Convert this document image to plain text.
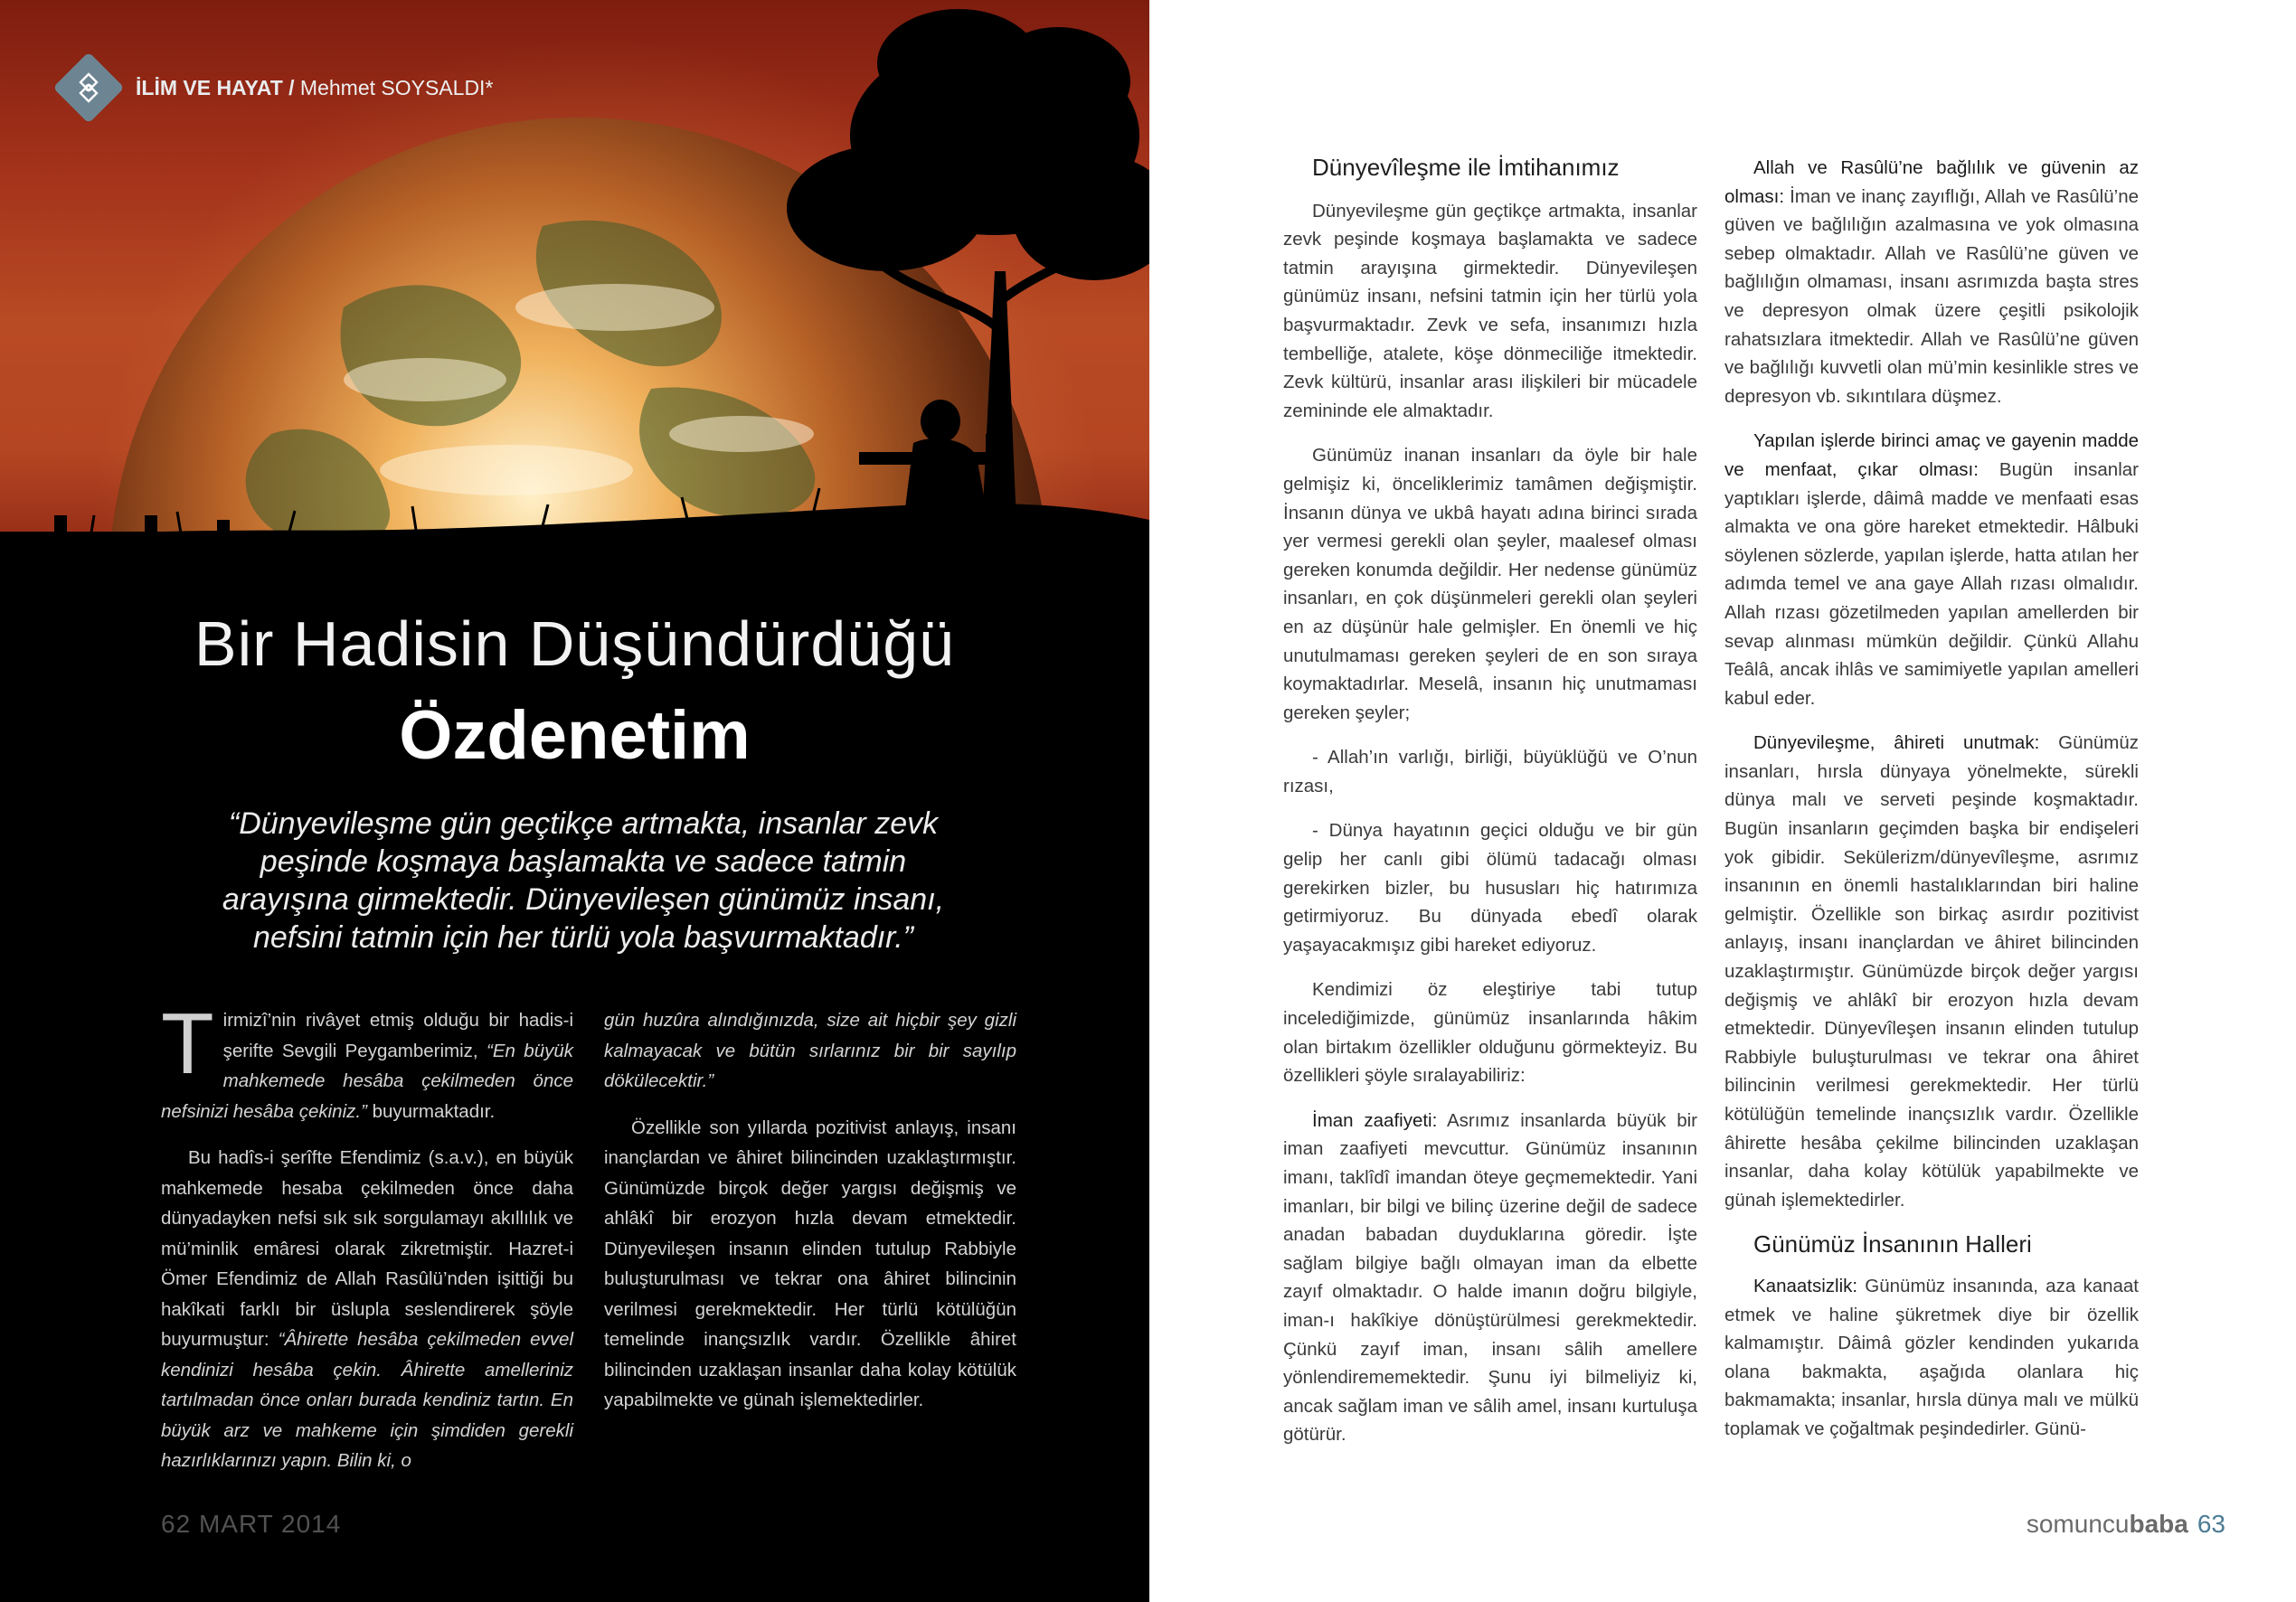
İLİM VE HAYAT / Mehmet SOYSALDI*
Bir Hadisin Düşündürdüğü
Özdenetim
“Dünyevileşme gün geçtikçe artmakta, insanlar zevk peşinde koşmaya başlamakta ve sadece tatmin arayışına girmektedir. Dünyevileşen günümüz insanı, nefsini tatmin için her türlü yola başvurmaktadır.”

Tirmizî’nin rivâyet etmiş olduğu bir hadis-i şerifte Sevgili Peygamberimiz, “En büyük mahkemede hesâba çekilmeden önce nefsinizi hesâba çekiniz.” buyurmaktadır.

Bu hadîs-i şerîfte Efendimiz (s.a.v.), en büyük mahkemede hesaba çekilmeden önce daha dünyadayken nefsi sık sık sorgulamayı akıllılık ve mü’minlik emâresi olarak zikretmiştir. Hazret-i Ömer Efendimiz de Allah Rasûlü’nden işittiği bu hakîkati farklı bir üslupla seslendirerek şöyle buyurmuştur: “Âhirette hesâba çekilmeden evvel kendinizi hesâba çekin. Âhirette amelleriniz tartılmadan önce onları burada kendiniz tartın. En büyük arz ve mahkeme için şimdiden gerekli hazırlıklarınızı yapın. Bilin ki, o

gün huzûra alındığınızda, size ait hiçbir şey gizli kalmayacak ve bütün sırlarınız bir bir sayılıp dökülecektir.”

Özellikle son yıllarda pozitivist anlayış, insanı inançlardan ve âhiret bilincinden uzaklaştırmıştır. Günümüzde birçok değer yargısı değişmiş ve ahlâkî bir erozyon hızla devam etmektedir. Dünyevileşen insanın elinden tutulup Rabbiyle buluşturulması ve tekrar ona âhiret bilincinin verilmesi gerekmektedir. Her türlü kötülüğün temelinde inançsızlık vardır. Özellikle âhiret bilincinden uzaklaşan insanlar daha kolay kötülük yapabilmekte ve günah işlemektedirler.

62 MART 2014

Dünyevîleşme ile İmtihanımız

Dünyevileşme gün geçtikçe artmakta, insanlar zevk peşinde koşmaya başlamakta ve sadece tatmin arayışına girmektedir. Dünyevileşen günümüz insanı, nefsini tatmin için her türlü yola başvurmaktadır. Zevk ve sefa, insanımızı hızla tembelliğe, atalete, köşe dönmeciliğe itmektedir. Zevk kültürü, insanlar arası ilişkileri bir mücadele zemininde ele almaktadır.

Günümüz inanan insanları da öyle bir hale gelmişiz ki, önceliklerimiz tamâmen değişmiştir. İnsanın dünya ve ukbâ hayatı adına birinci sırada yer vermesi gerekli olan şeyler, maalesef olması gereken konumda değildir. Her nedense günümüz insanları, en çok düşünmeleri gerekli olan şeyleri en az düşünür hale gelmişler. En önemli ve hiç unutulmaması gereken şeyleri de en son sıraya koymaktadırlar. Meselâ, insanın hiç unutmaması gereken şeyler;

- Allah’ın varlığı, birliği, büyüklüğü ve O’nun rızası,

- Dünya hayatının geçici olduğu ve bir gün gelip her canlı gibi ölümü tadacağı olması gerekirken bizler, bu hususları hiç hatırımıza getirmiyoruz. Bu dünyada ebedî olarak yaşayacakmışız gibi hareket ediyoruz.

Kendimizi öz eleştiriye tabi tutup incelediğimizde, günümüz insanlarında hâkim olan birtakım özellikler olduğunu görmekteyiz. Bu özellikleri şöyle sıralayabiliriz:

İman zaafiyeti: Asrımız insanlarda büyük bir iman zaafiyeti mevcuttur. Günümüz insanının imanı, taklîdî imandan öteye geçmemektedir. Yani imanları, bir bilgi ve bilinç üzerine değil de sadece anadan babadan duyduklarına göredir. İşte sağlam bilgiye bağlı olmayan iman da elbette zayıf olmaktadır. O halde imanın doğru bilgiyle, iman-ı hakîkiye dönüştürülmesi gerekmektedir. Çünkü zayıf iman, insanı sâlih amellere yönlendirememektedir. Şunu iyi bilmeliyiz ki, ancak sağlam iman ve sâlih amel, insanı kurtuluşa götürür.

Allah ve Rasûlü’ne bağlılık ve güvenin az olması: İman ve inanç zayıflığı, Allah ve Rasûlü’ne güven ve bağlılığın azalmasına ve yok olmasına sebep olmaktadır. Allah ve Rasûlü’ne güven ve bağlılığın olmaması, insanı asrımızda başta stres ve depresyon olmak üzere çeşitli psikolojik rahatsızlara itmektedir. Allah ve Rasûlü’ne güven ve bağlılığı kuvvetli olan mü’min kesinlikle stres ve depresyon vb. sıkıntılara düşmez.

Yapılan işlerde birinci amaç ve gayenin madde ve menfaat, çıkar olması: Bugün insanlar yaptıkları işlerde, dâimâ madde ve menfaati esas almakta ve ona göre hareket etmektedir. Hâlbuki söylenen sözlerde, yapılan işlerde, hatta atılan her adımda temel ve ana gaye Allah rızası olmalıdır. Allah rızası gözetilmeden yapılan amellerden bir sevap alınması mümkün değildir. Çünkü Allahu Teâlâ, ancak ihlâs ve samimiyetle yapılan amelleri kabul eder.

Dünyevileşme, âhireti unutmak: Günümüz insanları, hırsla dünyaya yönelmekte, sürekli dünya malı ve serveti peşinde koşmaktadır. Bugün insanların geçimden başka bir endişeleri yok gibidir. Sekülerizm/dünyevîleşme, asrımız insanının en önemli hastalıklarından biri haline gelmiştir. Özellikle son birkaç asırdır pozitivist anlayış, insanı inançlardan ve âhiret bilincinden uzaklaştırmıştır. Günümüzde birçok değer yargısı değişmiş ve ahlâkî bir erozyon hızla devam etmektedir. Dünyevîleşen insanın elinden tutulup Rabbiyle buluşturulması ve tekrar ona âhiret bilincinin verilmesi gerekmektedir. Her türlü kötülüğün temelinde inançsızlık vardır. Özellikle âhirette hesâba çekilme bilincinden uzaklaşan insanlar, daha kolay kötülük yapabilmekte ve günah işlemektedirler.

Günümüz İnsanının Halleri

Kanaatsizlik: Günümüz insanında, aza kanaat etmek ve haline şükretmek diye bir özellik kalmamıştır. Dâimâ gözler kendinden yukarıda olana bakmakta, aşağıda olanlara hiç bakmamakta; insanlar, hırsla dünya malı ve mülkü toplamak ve çoğaltmak peşindedirler. Günü-

somuncubaba 63
